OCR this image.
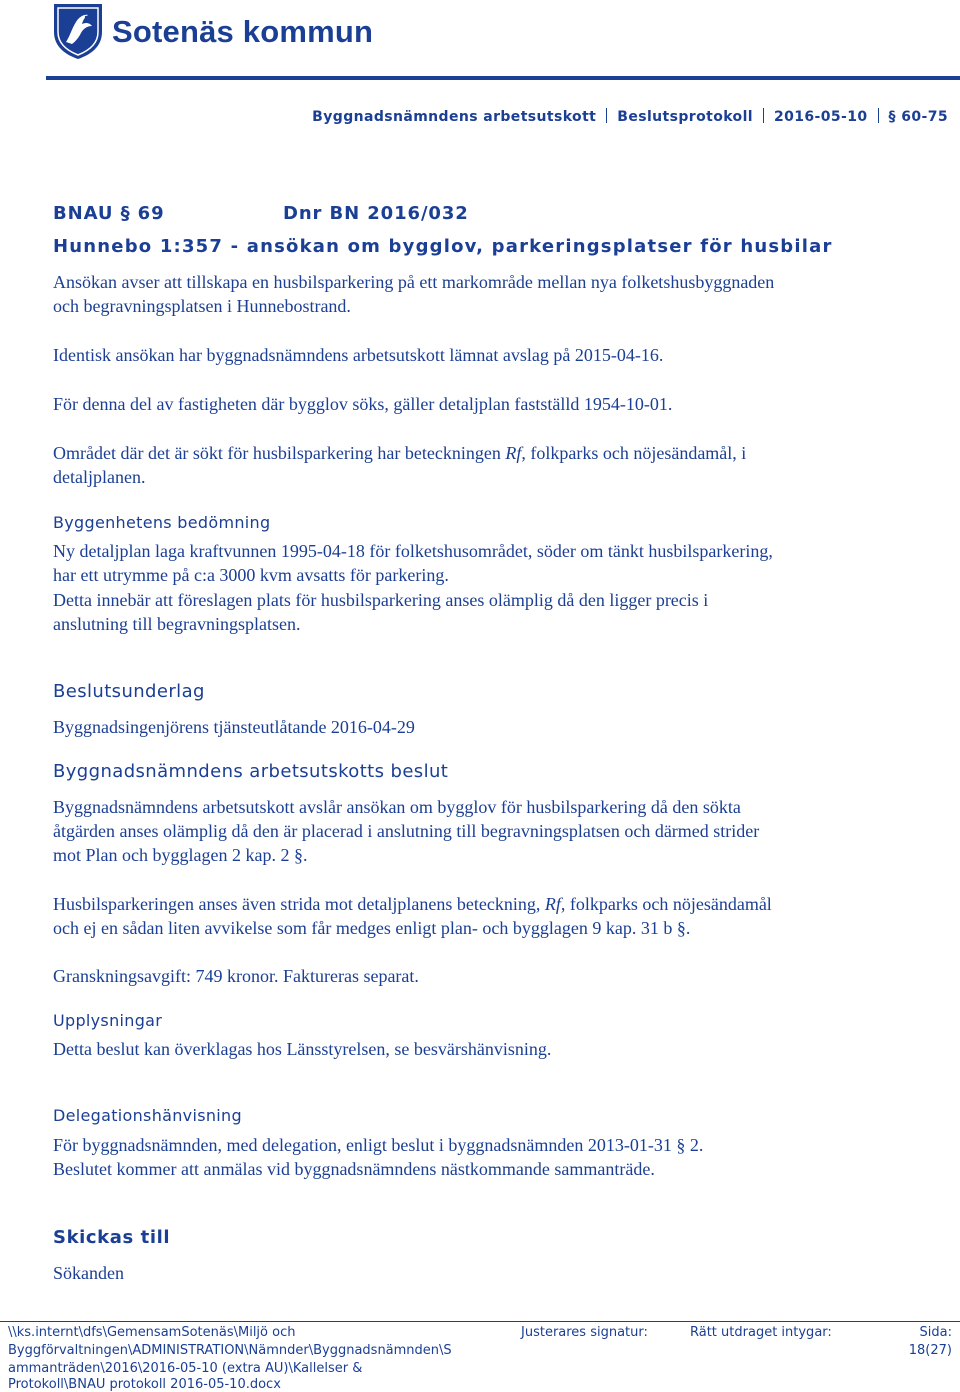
Sotenäs kommun
Byggnadsnämndens arbetsutskott Beslutsprotokoll 2016-05-10 § 60-75
BNAU § 69	Dnr BN 2016/032
Hunnebo 1:357 - ansökan om bygglov, parkeringsplatser för husbilar
Ansökan avser att tillskapa en husbilsparkering på ett markområde mellan nya folketshusbyggnaden
och begravningsplatsen i Hunnebostrand.
Identisk ansökan har byggnadsnämndens arbetsutskott lämnat avslag på 2015-04-16.
För denna del av fastigheten där bygglov söks, gäller detaljplan fastställd 1954-10-01.
Området där det är sökt för husbilsparkering har beteckningen Rf, folkparks och nöjesändamål, i
detaljplanen.
Byggenhetens bedömning
Ny detaljplan laga kraftvunnen 1995-04-18 för folketshusområdet, söder om tänkt husbilsparkering,
har ett utrymme på c:a 3000 kvm avsatts för parkering.
Detta innebär att föreslagen plats för husbilsparkering anses olämplig då den ligger precis i
anslutning till begravningsplatsen.
Beslutsunderlag
Byggnadsingenjörens tjänsteutlåtande 2016-04-29
Byggnadsnämndens arbetsutskotts beslut
Byggnadsnämndens arbetsutskott avslår ansökan om bygglov för husbilsparkering då den sökta
åtgärden anses olämplig då den är placerad i anslutning till begravningsplatsen och därmed strider
mot Plan och bygglagen 2 kap. 2 §.
Husbilsparkeringen anses även strida mot detaljplanens beteckning, Rf, folkparks och nöjesändamål
och ej en sådan liten avvikelse som får medges enligt plan- och bygglagen 9 kap. 31 b §.
Granskningsavgift: 749 kronor. Faktureras separat.
Upplysningar
Detta beslut kan överklagas hos Länsstyrelsen, se besvärshänvisning.
Delegationshänvisning
För byggnadsnämnden, med delegation, enligt beslut i byggnadsnämnden 2013-01-31 § 2.
Beslutet kommer att anmälas vid byggnadsnämndens nästkommande sammanträde.
Skickas till
Sökanden
\\ks.internt\dfs\GemensamSotenäs\Miljö och
Byggförvaltningen\ADMINISTRATION\Nämnder\Byggnadsnämnden\S
ammanträden\2016\2016-05-10 (extra AU)\Kallelser &
Protokoll\BNAU protokoll 2016-05-10.docx
Justerares signatur:	Rätt utdraget intygar:	Sida:
18(27)
